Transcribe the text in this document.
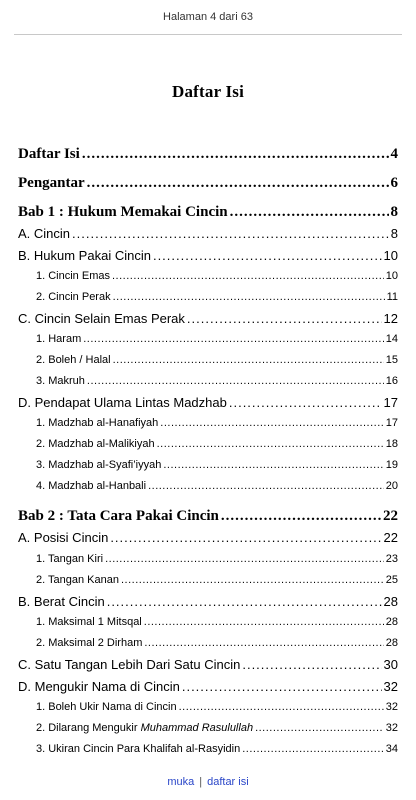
Halaman 4 dari 63
Daftar Isi
Daftar Isi .....	4
Pengantar .....	6
Bab 1 : Hukum Memakai Cincin .....	8
A. Cincin .....	8
B. Hukum Pakai Cincin .....	10
1. Cincin Emas .....	10
2. Cincin Perak .....	11
C. Cincin Selain Emas Perak .....	12
1. Haram .....	14
2. Boleh / Halal .....	15
3. Makruh .....	16
D. Pendapat Ulama Lintas Madzhab .....	17
1. Madzhab al-Hanafiyah .....	17
2. Madzhab al-Malikiyah .....	18
3. Madzhab al-Syafi’iyyah .....	19
4. Madzhab al-Hanbali .....	20
Bab 2 : Tata Cara Pakai Cincin .....	22
A. Posisi Cincin .....	22
1. Tangan Kiri .....	23
2. Tangan Kanan .....	25
B. Berat Cincin .....	28
1. Maksimal 1 Mitsqal .....	28
2. Maksimal 2 Dirham .....	28
C. Satu Tangan Lebih Dari Satu Cincin .....	30
D. Mengukir Nama di Cincin .....	32
1. Boleh Ukir Nama di Cincin .....	32
2. Dilarang Mengukir Muhammad Rasulullah .....	32
3. Ukiran Cincin Para Khalifah al-Rasyidin .....	34
muka | daftar isi
